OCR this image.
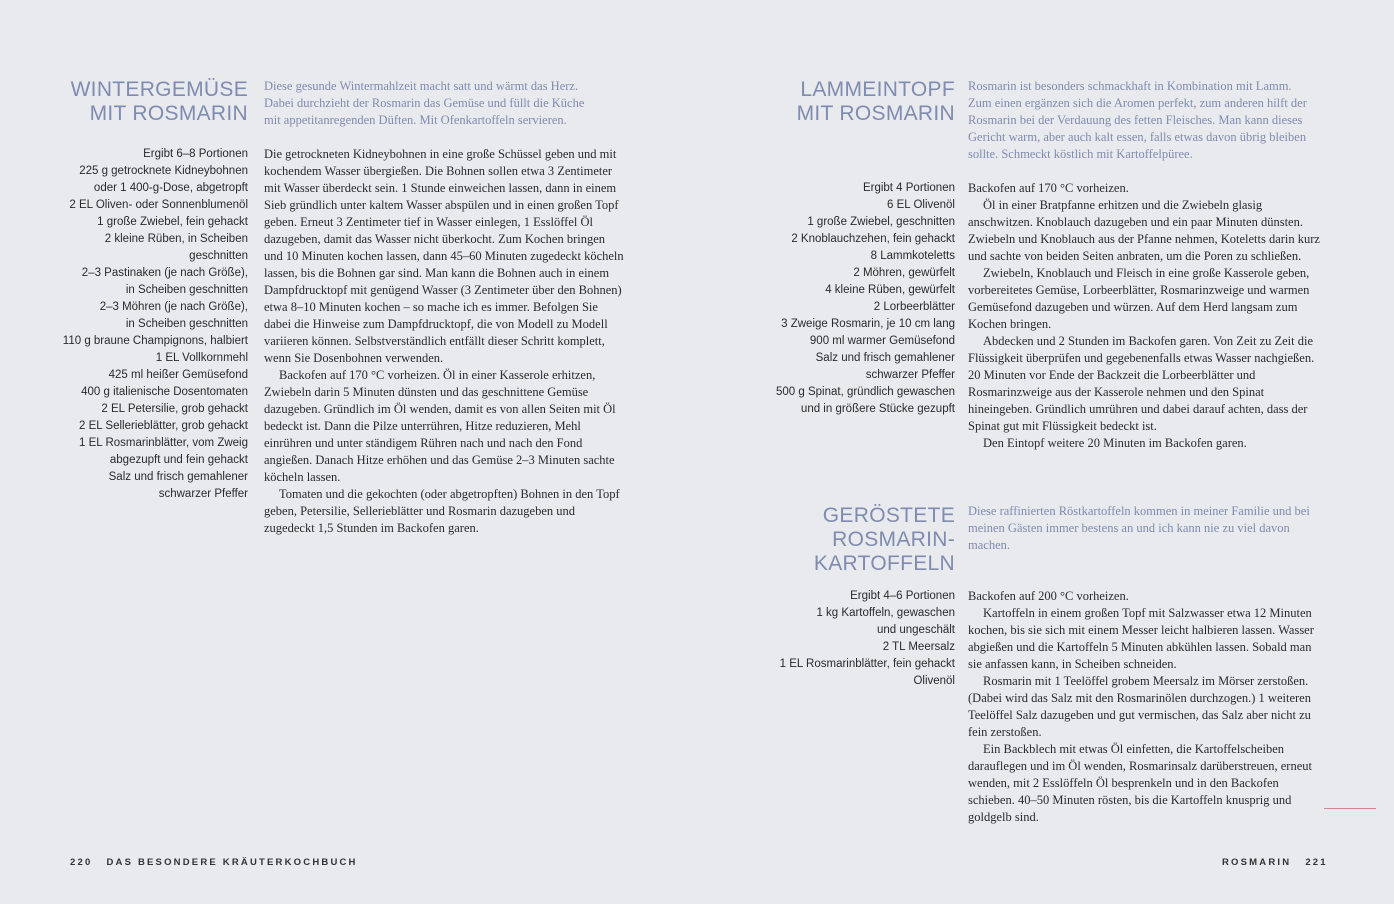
WINTERGEMÜSE
MIT ROSMARIN

Diese gesunde Wintermahlzeit macht satt und wärmt das Herz. Dabei durchzieht der Rosmarin das Gemüse und füllt die Küche mit appetitanregenden Düften. Mit Ofenkartoffeln servieren.

Ergibt 6–8 Portionen
225 g getrocknete Kidneybohnen
oder 1 400-g-Dose, abgetropft
2 EL Oliven- oder Sonnenblumenöl
1 große Zwiebel, fein gehackt
2 kleine Rüben, in Scheiben
geschnitten
2–3 Pastinaken (je nach Größe),
in Scheiben geschnitten
2–3 Möhren (je nach Größe),
in Scheiben geschnitten
110 g braune Champignons, halbiert
1 EL Vollkornmehl
425 ml heißer Gemüsefond
400 g italienische Dosentomaten
2 EL Petersilie, grob gehackt
2 EL Sellerieblätter, grob gehackt
1 EL Rosmarinblätter, vom Zweig
abgezupft und fein gehackt
Salz und frisch gemahlener
schwarzer Pfeffer

Die getrockneten Kidneybohnen in eine große Schüssel geben und mit kochendem Wasser übergießen. Die Bohnen sollen etwa 3 Zentimeter mit Wasser überdeckt sein. 1 Stunde einweichen lassen, dann in einem Sieb gründlich unter kaltem Wasser abspülen und in einen großen Topf geben. Erneut 3 Zentimeter tief in Wasser einlegen, 1 Esslöffel Öl dazugeben, damit das Wasser nicht überkocht. Zum Kochen bringen und 10 Minuten kochen lassen, dann 45–60 Minuten zugedeckt köcheln lassen, bis die Bohnen gar sind. Man kann die Bohnen auch in einem Dampfdrucktopf mit genügend Wasser (3 Zentimeter über den Bohnen) etwa 8–10 Minuten kochen – so mache ich es immer. Befolgen Sie dabei die Hinweise zum Dampfdrucktopf, die von Modell zu Modell variieren können. Selbstverständlich entfällt dieser Schritt komplett, wenn Sie Dosenbohnen verwenden.

Backofen auf 170 °C vorheizen. Öl in einer Kasserole erhitzen, Zwiebeln darin 5 Minuten dünsten und das geschnittene Gemüse dazugeben. Gründlich im Öl wenden, damit es von allen Seiten mit Öl bedeckt ist. Dann die Pilze unterrühren, Hitze reduzieren, Mehl einrühren und unter ständigem Rühren nach und nach den Fond angießen. Danach Hitze erhöhen und das Gemüse 2–3 Minuten sachte köcheln lassen.

Tomaten und die gekochten (oder abgetropften) Bohnen in den Topf geben, Petersilie, Sellerieblätter und Rosmarin dazugeben und zugedeckt 1,5 Stunden im Backofen garen.

220 DAS BESONDERE KRÄUTERKOCHBUCH
LAMMEINTOPF
MIT ROSMARIN

Rosmarin ist besonders schmackhaft in Kombination mit Lamm. Zum einen ergänzen sich die Aromen perfekt, zum anderen hilft der Rosmarin bei der Verdauung des fetten Fleisches. Man kann dieses Gericht warm, aber auch kalt essen, falls etwas davon übrig bleiben sollte. Schmeckt köstlich mit Kartoffelpüree.

Ergibt 4 Portionen
6 EL Olivenöl
1 große Zwiebel, geschnitten
2 Knoblauchzehen, fein gehackt
8 Lammkoteletts
2 Möhren, gewürfelt
4 kleine Rüben, gewürfelt
2 Lorbeerblätter
3 Zweige Rosmarin, je 10 cm lang
900 ml warmer Gemüsefond
Salz und frisch gemahlener
schwarzer Pfeffer
500 g Spinat, gründlich gewaschen
und in größere Stücke gezupft

Backofen auf 170 °C vorheizen.

Öl in einer Bratpfanne erhitzen und die Zwiebeln glasig anschwitzen. Knoblauch dazugeben und ein paar Minuten dünsten. Zwiebeln und Knoblauch aus der Pfanne nehmen, Koteletts darin kurz und sachte von beiden Seiten anbraten, um die Poren zu schließen.

Zwiebeln, Knoblauch und Fleisch in eine große Kasserole geben, vorbereitetes Gemüse, Lorbeerblätter, Rosmarinzweige und warmen Gemüsefond dazugeben und würzen. Auf dem Herd langsam zum Kochen bringen.

Abdecken und 2 Stunden im Backofen garen. Von Zeit zu Zeit die Flüssigkeit überprüfen und gegebenenfalls etwas Wasser nachgießen. 20 Minuten vor Ende der Backzeit die Lorbeerblätter und Rosmarinzweige aus der Kasserole nehmen und den Spinat hineingeben. Gründlich umrühren und dabei darauf achten, dass der Spinat gut mit Flüssigkeit bedeckt ist.

Den Eintopf weitere 20 Minuten im Backofen garen.

GERÖSTETE
ROSMARIN-
KARTOFFELN

Diese raffinierten Röstkartoffeln kommen in meiner Familie und bei meinen Gästen immer bestens an und ich kann nie zu viel davon machen.

Ergibt 4–6 Portionen
1 kg Kartoffeln, gewaschen
und ungeschält
2 TL Meersalz
1 EL Rosmarinblätter, fein gehackt
Olivenöl

Backofen auf 200 °C vorheizen.

Kartoffeln in einem großen Topf mit Salzwasser etwa 12 Minuten kochen, bis sie sich mit einem Messer leicht halbieren lassen. Wasser abgießen und die Kartoffeln 5 Minuten abkühlen lassen. Sobald man sie anfassen kann, in Scheiben schneiden.

Rosmarin mit 1 Teelöffel grobem Meersalz im Mörser zerstoßen. (Dabei wird das Salz mit den Rosmarinölen durchzogen.) 1 weiteren Teelöffel Salz dazugeben und gut vermischen, das Salz aber nicht zu fein zerstoßen.

Ein Backblech mit etwas Öl einfetten, die Kartoffelscheiben darauflegen und im Öl wenden, Rosmarinsalz darüberstreuen, erneut wenden, mit 2 Esslöffeln Öl besprenkeln und in den Backofen schieben. 40–50 Minuten rösten, bis die Kartoffeln knusprig und goldgelb sind.

ROSMARIN 221
